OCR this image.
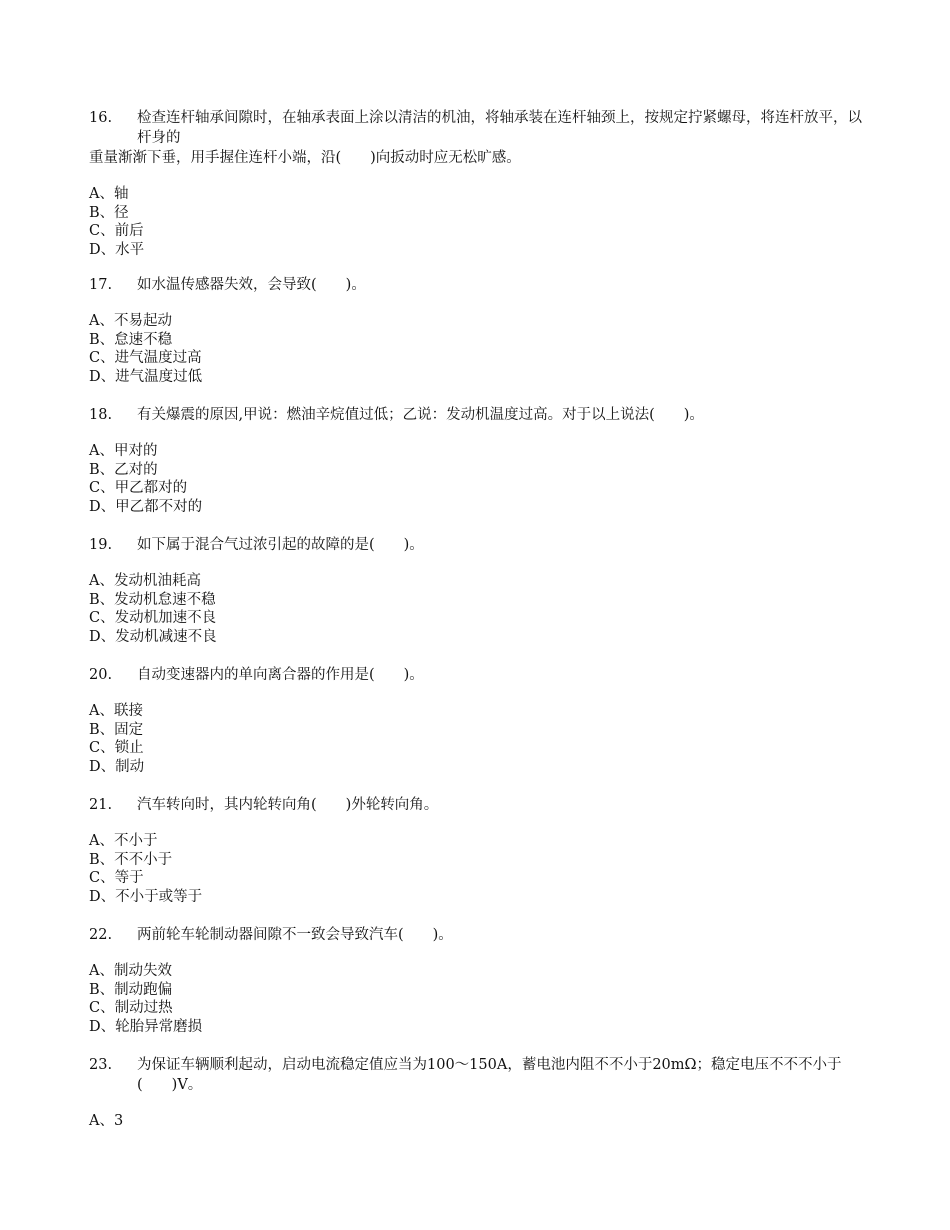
16.	检查连杆轴承间隙时，在轴承表面上涂以清洁的机油，将轴承装在连杆轴颈上，按规定拧紧螺母，将连杆放平，以杆身的
重量渐渐下垂，用手握住连杆小端，沿(　　)向扳动时应无松旷感。
A、轴
B、径
C、前后
D、水平
17.	如水温传感器失效，会导致(　　)。
A、不易起动
B、怠速不稳
C、进气温度过高
D、进气温度过低
18.	有关爆震的原因,甲说：燃油辛烷值过低；乙说：发动机温度过高。对于以上说法(　　)。
A、甲对的
B、乙对的
C、甲乙都对的
D、甲乙都不对的
19.	如下属于混合气过浓引起的故障的是(　　)。
A、发动机油耗高
B、发动机怠速不稳
C、发动机加速不良
D、发动机减速不良
20.	自动变速器内的单向离合器的作用是(　　)。
A、联接
B、固定
C、锁止
D、制动
21.	汽车转向时，其内轮转向角(　　)外轮转向角。
A、不小于
B、不不小于
C、等于
D、不小于或等于
22.	两前轮车轮制动器间隙不一致会导致汽车(　　)。
A、制动失效
B、制动跑偏
C、制动过热
D、轮胎异常磨损
23.	为保证车辆顺利起动，启动电流稳定值应当为100～150A，蓄电池内阻不不小于20mΩ；稳定电压不不不小于(　　)V。
A、3
